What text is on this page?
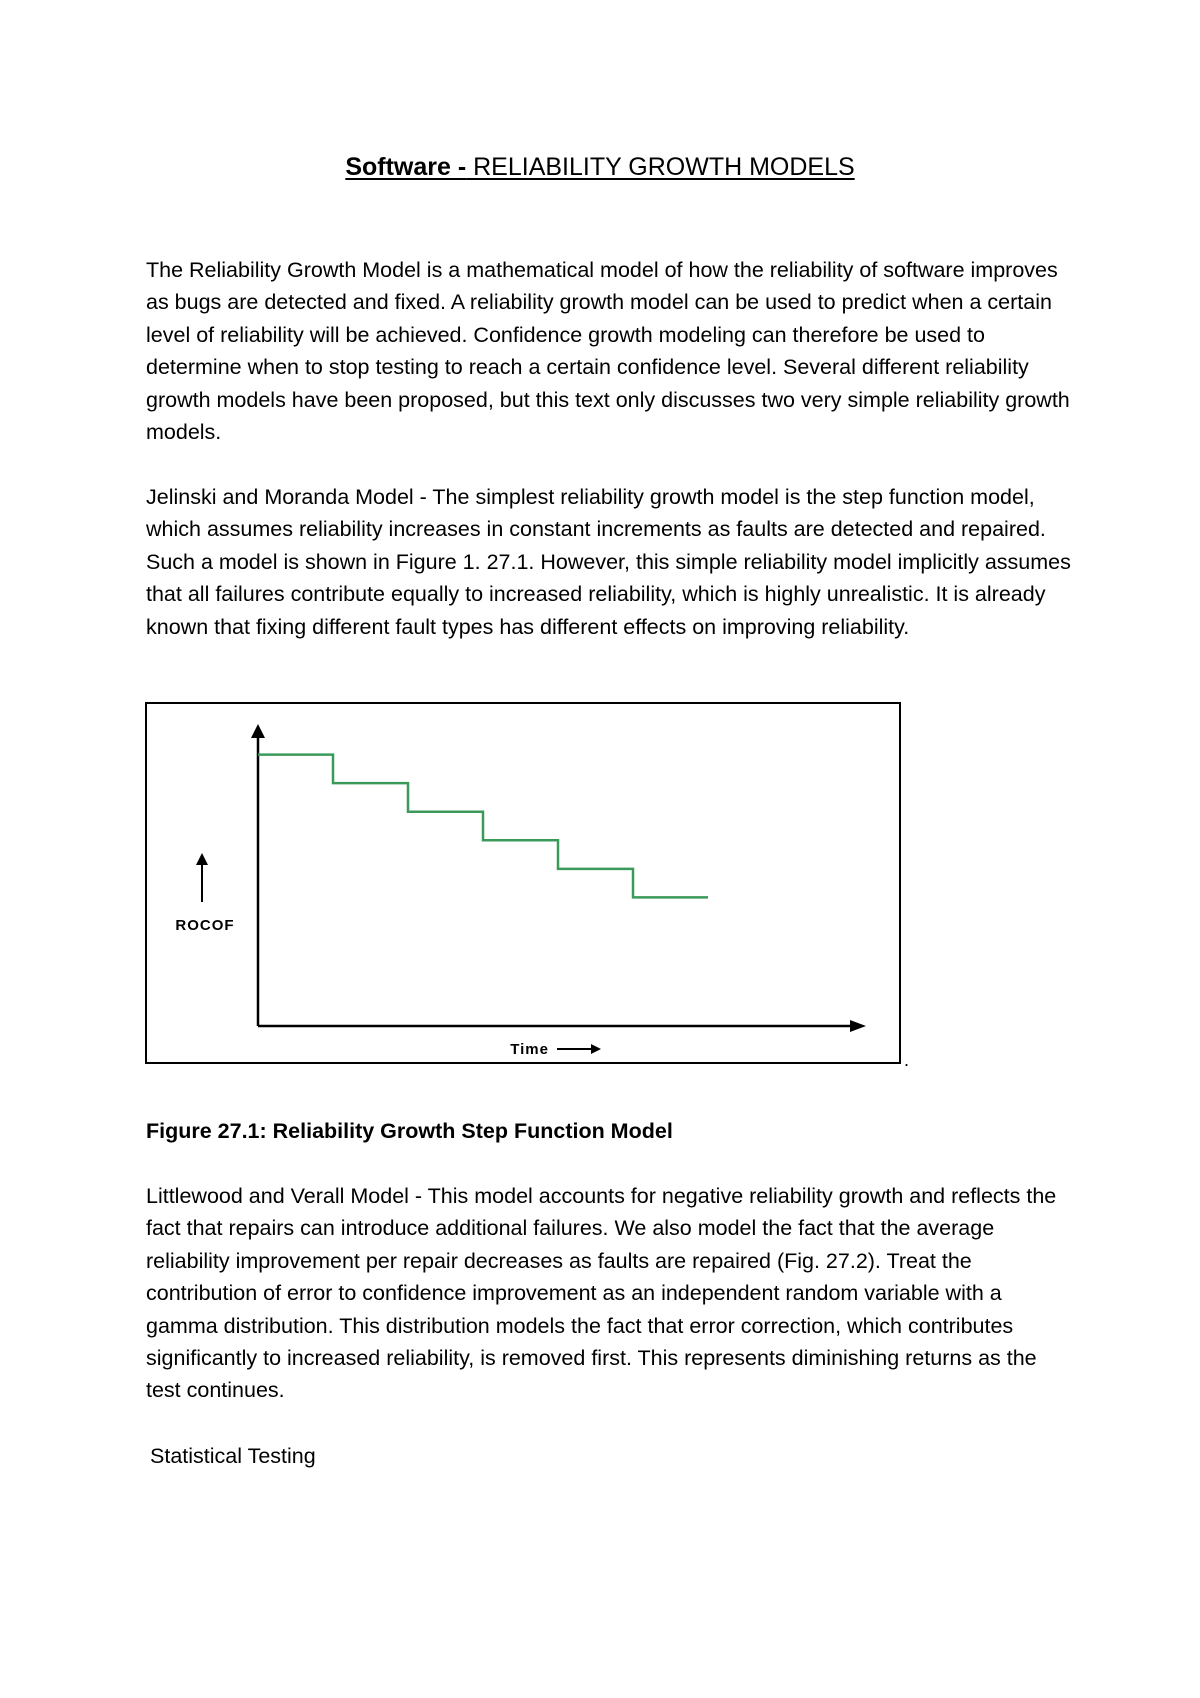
Software - RELIABILITY GROWTH MODELS

The Reliability Growth Model is a mathematical model of how the reliability of software improves as bugs are detected and fixed. A reliability growth model can be used to predict when a certain level of reliability will be achieved. Confidence growth modeling can therefore be used to determine when to stop testing to reach a certain confidence level. Several different reliability growth models have been proposed, but this text only discusses two very simple reliability growth models.

Jelinski and Moranda Model - The simplest reliability growth model is the step function model, which assumes reliability increases in constant increments as faults are detected and repaired. Such a model is shown in Figure 1. 27.1. However, this simple reliability model implicitly assumes that all failures contribute equally to increased reliability, which is highly unrealistic. It is already known that fixing different fault types has different effects on improving reliability.

ROCOF
Time
.
Figure 27.1: Reliability Growth Step Function Model

Littlewood and Verall Model - This model accounts for negative reliability growth and reflects the fact that repairs can introduce additional failures. We also model the fact that the average reliability improvement per repair decreases as faults are repaired (Fig. 27.2). Treat the contribution of error to confidence improvement as an independent random variable with a gamma distribution. This distribution models the fact that error correction, which contributes significantly to increased reliability, is removed first. This represents diminishing returns as the test continues.

Statistical Testing
